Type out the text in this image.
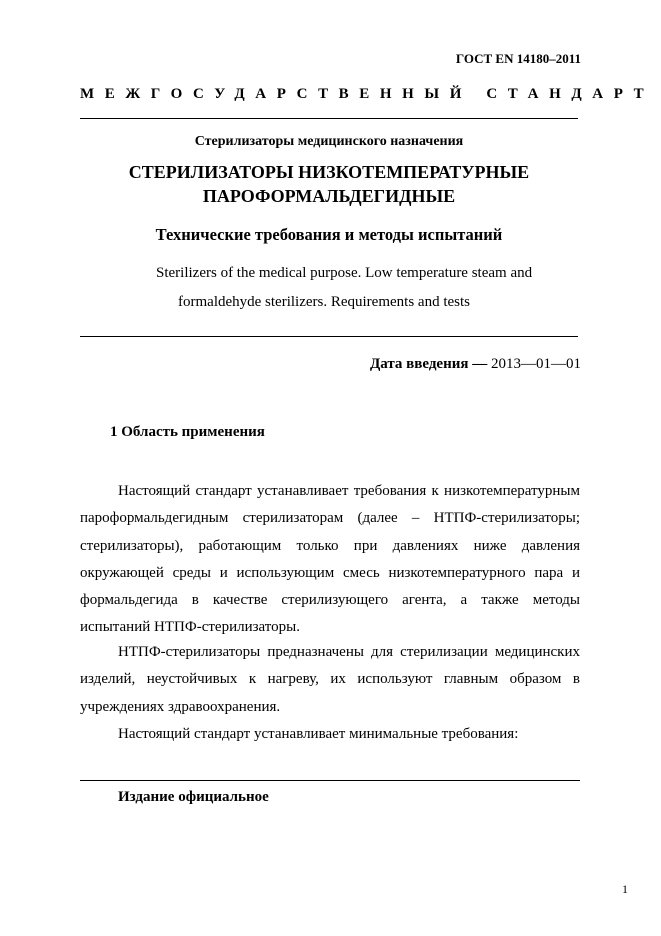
ГОСТ EN 14180–2011
МЕЖГОСУДАРСТВЕННЫЙ СТАНДАРТ
Стерилизаторы медицинского назначения
СТЕРИЛИЗАТОРЫ НИЗКОТЕМПЕРАТУРНЫЕ ПАРОФОРМАЛЬДЕГИДНЫЕ
Технические требования и методы испытаний
Sterilizers of the medical purpose. Low temperature steam and
formaldehyde sterilizers. Requirements and tests
Дата введения — 2013—01—01
1 Область применения
Настоящий стандарт устанавливает требования к низкотемпературным пароформальдегидным стерилизаторам (далее – НТПФ-стерилизаторы; стерилизаторы), работающим только при давлениях ниже давления окружающей среды и использующим смесь низкотемпературного пара и формальдегида в качестве стерилизующего агента, а также методы испытаний НТПФ-стерилизаторы.
НТПФ-стерилизаторы предназначены для стерилизации медицинских изделий, неустойчивых к нагреву, их используют главным образом в учреждениях здравоохранения.
Настоящий стандарт устанавливает минимальные требования:
Издание официальное
1
